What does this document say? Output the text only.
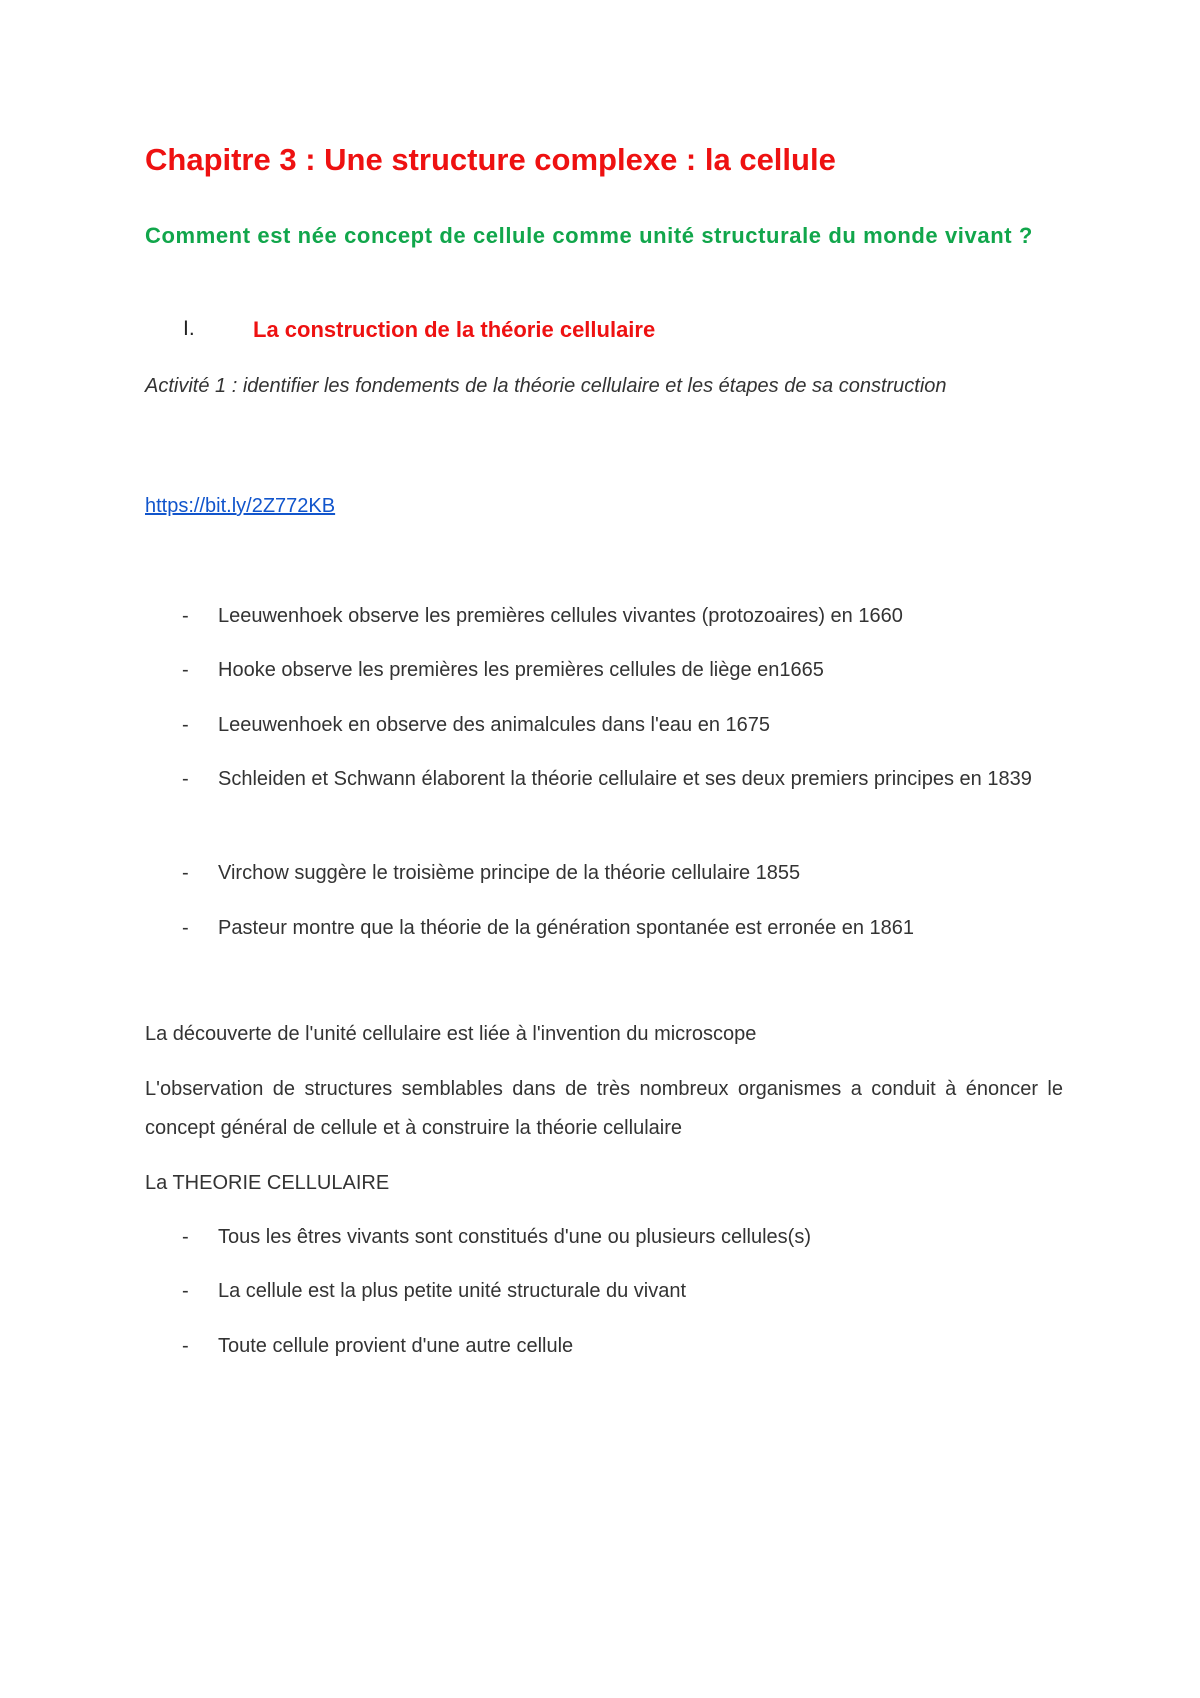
Chapitre 3 : Une structure complexe : la cellule
Comment est née concept de cellule comme unité structurale du monde vivant ?
I.	La construction de la théorie cellulaire
Activité 1 : identifier les fondements de la théorie cellulaire et les étapes de sa construction
https://bit.ly/2Z772KB
- Leeuwenhoek observe les premières cellules vivantes (protozoaires) en 1660
- Hooke observe les premières les premières cellules de liège en1665
- Leeuwenhoek en observe des animalcules dans l'eau en 1675
- Schleiden et Schwann élaborent la théorie cellulaire et ses deux premiers principes en 1839
- Virchow suggère le troisième principe de la théorie cellulaire 1855
- Pasteur montre que la théorie de la génération spontanée est erronée en 1861
La découverte de l'unité cellulaire est liée à l'invention du microscope
L'observation de structures semblables dans de très nombreux organismes a conduit à énoncer le concept général de cellule et à construire la théorie cellulaire
La THEORIE CELLULAIRE
- Tous les êtres vivants sont constitués d'une ou plusieurs cellules(s)
- La cellule est la plus petite unité structurale du vivant
- Toute cellule provient d'une autre cellule
